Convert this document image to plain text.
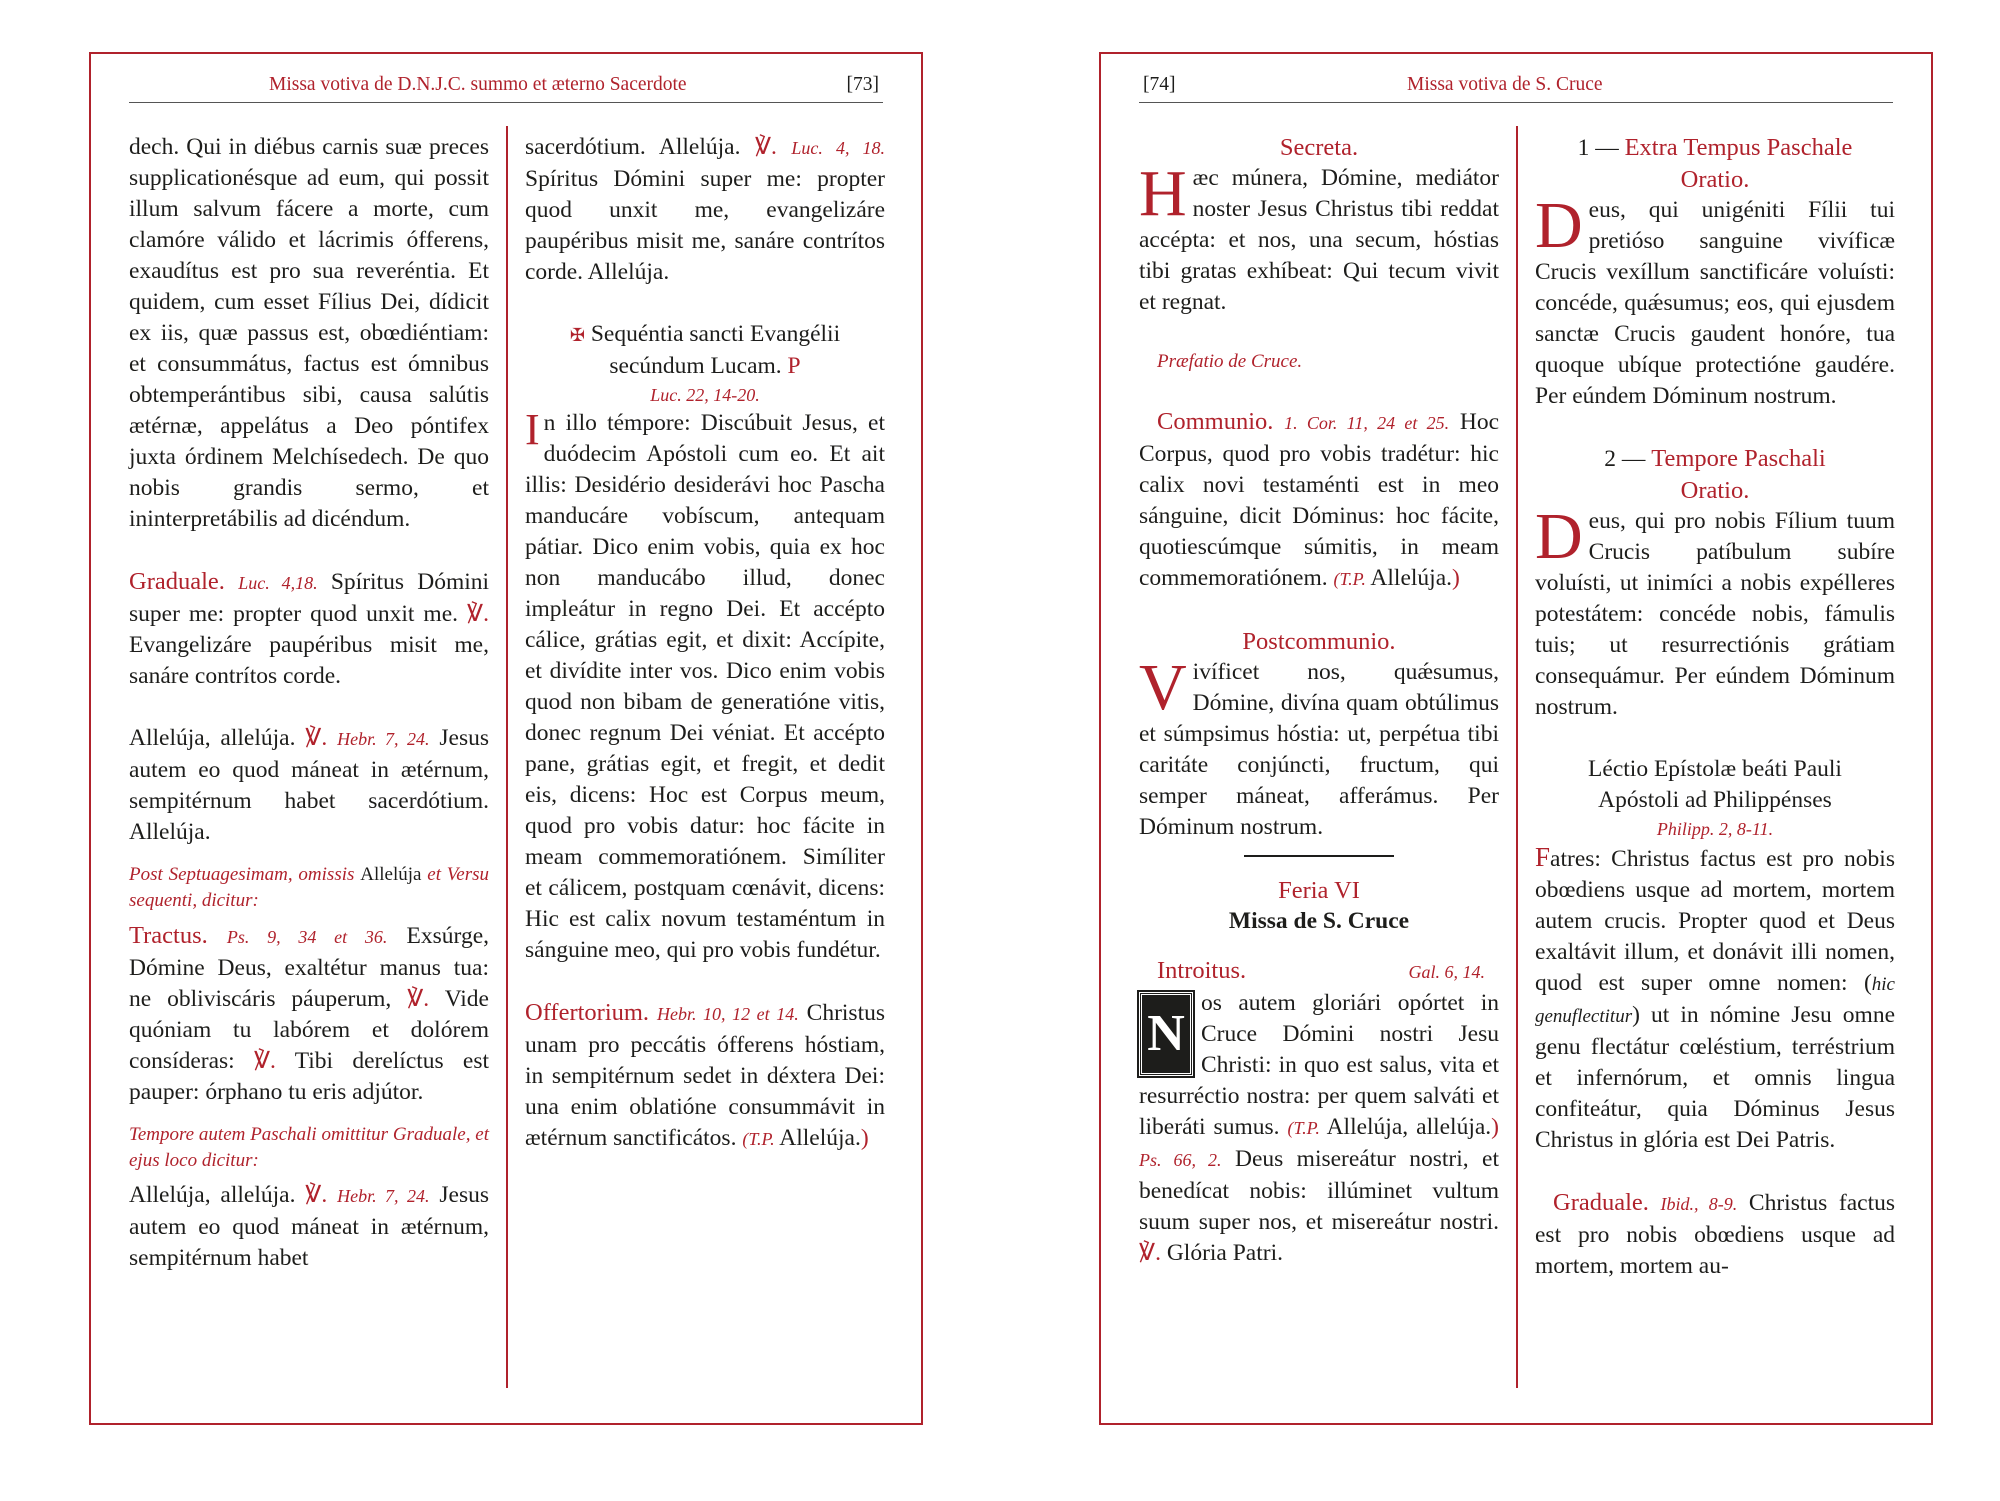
Missa votiva de D.N.J.C. summo et æterno Sacerdote	[73]

dech. Qui in diébus carnis suæ preces supplicationésque ad eum, qui possit illum salvum fácere a morte, cum clamóre válido et lácrimis ófferens, exaudítus est pro sua reveréntia. Et quidem, cum esset Fílius Dei, dídicit ex iis, quæ passus est, obœdiéntiam: et consummátus, factus est ómnibus obtemperántibus sibi, causa salútis ætérnæ, appelátus a Deo póntifex juxta órdinem Melchísedech. De quo nobis grandis sermo, et ininterpretábilis ad dicéndum.

Graduale. Luc. 4,18. Spíritus Dómini super me: propter quod unxit me. ℣. Evangelizáre paupéribus misit me, sanáre contrítos corde.

Allelúja, allelúja. ℣. Hebr. 7, 24. Jesus autem eo quod máneat in ætérnum, sempitérnum habet sacerdótium. Allelúja.

Post Septuagesimam, omissis Allelúja et Versu sequenti, dicitur:

Tractus. Ps. 9, 34 et 36. Exsúrge, Dómine Deus, exaltétur manus tua: ne obliviscáris páuperum, ℣. Vide quóniam tu labórem et dolórem consíderas: ℣. Tibi derelíctus est pauper: órphano tu eris adjútor.

Tempore autem Paschali omittitur Graduale, et ejus loco dicitur:

Allelúja, allelúja. ℣. Hebr. 7, 24. Jesus autem eo quod máneat in ætérnum, sempitérnum habet

sacerdótium. Allelúja. ℣. Luc. 4, 18. Spíritus Dómini super me: propter quod unxit me, evangelizáre paupéribus misit me, sanáre contrítos corde. Allelúja.

✠ Sequéntia sancti Evangélii secúndum Lucam. P
Luc. 22, 14-20.

In illo témpore: Discúbuit Jesus, et duódecim Apóstoli cum eo. Et ait illis: Desidério desiderávi hoc Pascha manducáre vobíscum, antequam pátiar. Dico enim vobis, quia ex hoc non manducábo illud, donec impleátur in regno Dei. Et accépto cálice, grátias egit, et dixit: Accípite, et divídite inter vos. Dico enim vobis quod non bibam de generatióne vitis, donec regnum Dei véniat. Et accépto pane, grátias egit, et fregit, et dedit eis, dicens: Hoc est Corpus meum, quod pro vobis datur: hoc fácite in meam commemoratiónem. Simíliter et cálicem, postquam cœnávit, dicens: Hic est calix novum testaméntum in sánguine meo, qui pro vobis fundétur.

Offertorium. Hebr. 10, 12 et 14. Christus unam pro peccátis ófferens hóstiam, in sempitérnum sedet in déxtera Dei: una enim oblatióne consummávit in ætérnum sanctificátos. (T.P. Allelúja.)

[74]	Missa votiva de S. Cruce
Secreta.

Hæc múnera, Dómine, mediátor noster Jesus Christus tibi reddat accépta: et nos, una secum, hóstias tibi gratas exhíbeat: Qui tecum vivit et regnat.

Præfatio de Cruce.

Communio. 1. Cor. 11, 24 et 25. Hoc Corpus, quod pro vobis tradétur: hic calix novi testaménti est in meo sánguine, dicit Dóminus: hoc fácite, quotiescúmque súmitis, in meam commemoratiónem. (T.P. Allelúja.)

Postcommunio.

Vivíficet nos, quǽsumus, Dómine, divína quam obtúlimus et súmpsimus hóstia: ut, perpétua tibi caritáte conjúncti, fructum, qui semper máneat, afferámus. Per Dóminum nostrum.

Feria VI
Missa de S. Cruce
Introitus.	Gal. 6, 14.

N
os autem gloriári opórtet in Cruce Dómini nostri Jesu Christi: in quo est salus, vita et resurréctio nostra: per quem salváti et liberáti sumus. (T.P. Allelúja, allelúja.) Ps. 66, 2. Deus misereátur nostri, et benedícat nobis: illúminet vultum suum super nos, et misereátur nostri. ℣. Glória Patri.

1 — Extra Tempus Paschale
Oratio.

Deus, qui unigéniti Fílii tui pretióso sanguine vivíficæ Crucis vexíllum sanctificáre voluísti: concéde, quǽsumus; eos, qui ejusdem sanctæ Crucis gaudent honóre, tua quoque ubíque protectióne gaudére. Per eúndem Dóminum nostrum.

2 — Tempore Paschali
Oratio.

Deus, qui pro nobis Fílium tuum Crucis patíbulum subíre voluísti, ut inimíci a nobis expélleres potestátem: concéde nobis, fámulis tuis; ut resurrectiónis grátiam consequámur. Per eúndem Dóminum nostrum.

Léctio Epístolæ beáti Pauli Apóstoli ad Philippénses
Philipp. 2, 8-11.

Fatres: Christus factus est pro nobis obœdiens usque ad mortem, mortem autem crucis. Propter quod et Deus exaltávit illum, et donávit illi nomen, quod est super omne nomen: (hic genuflectitur) ut in nómine Jesu omne genu flectátur cœléstium, terréstrium et infernórum, et omnis lingua confiteátur, quia Dóminus Jesus Christus in glória est Dei Patris.

Graduale. Ibid., 8-9. Christus factus est pro nobis obœdiens usque ad mortem, mortem au-
